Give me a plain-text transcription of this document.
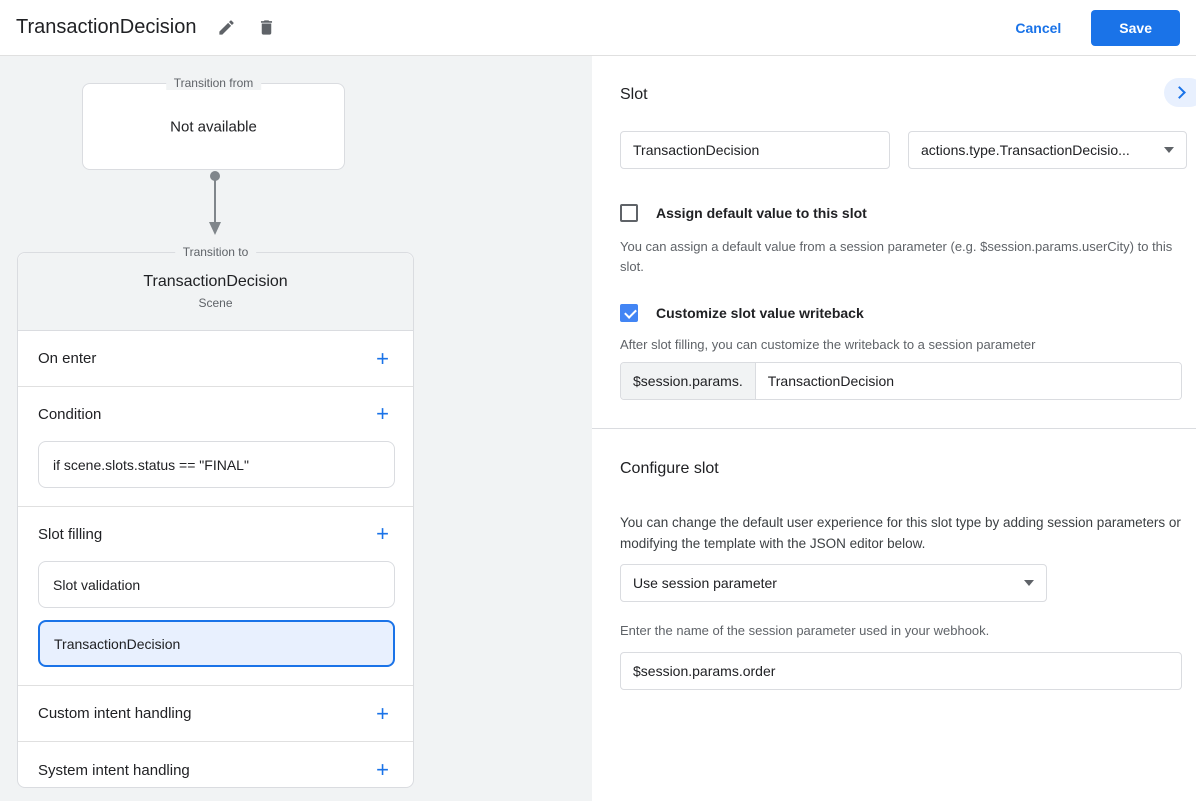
TransactionDecision	Cancel	Save
Transition from
Not available
Transition to
TransactionDecision
Scene
On enter	+
Condition	+
if scene.slots.status == "FINAL"
Slot filling	+
Slot validation
TransactionDecision
Custom intent handling	+
System intent handling	+
Slot
TransactionDecision
actions.type.TransactionDecisio...
Assign default value to this slot
You can assign a default value from a session parameter (e.g. $session.params.userCity) to this slot.
Customize slot value writeback
After slot filling, you can customize the writeback to a session parameter
$session.params.
TransactionDecision
Configure slot
You can change the default user experience for this slot type by adding session parameters or modifying the template with the JSON editor below.
Use session parameter
Enter the name of the session parameter used in your webhook.
$session.params.order
